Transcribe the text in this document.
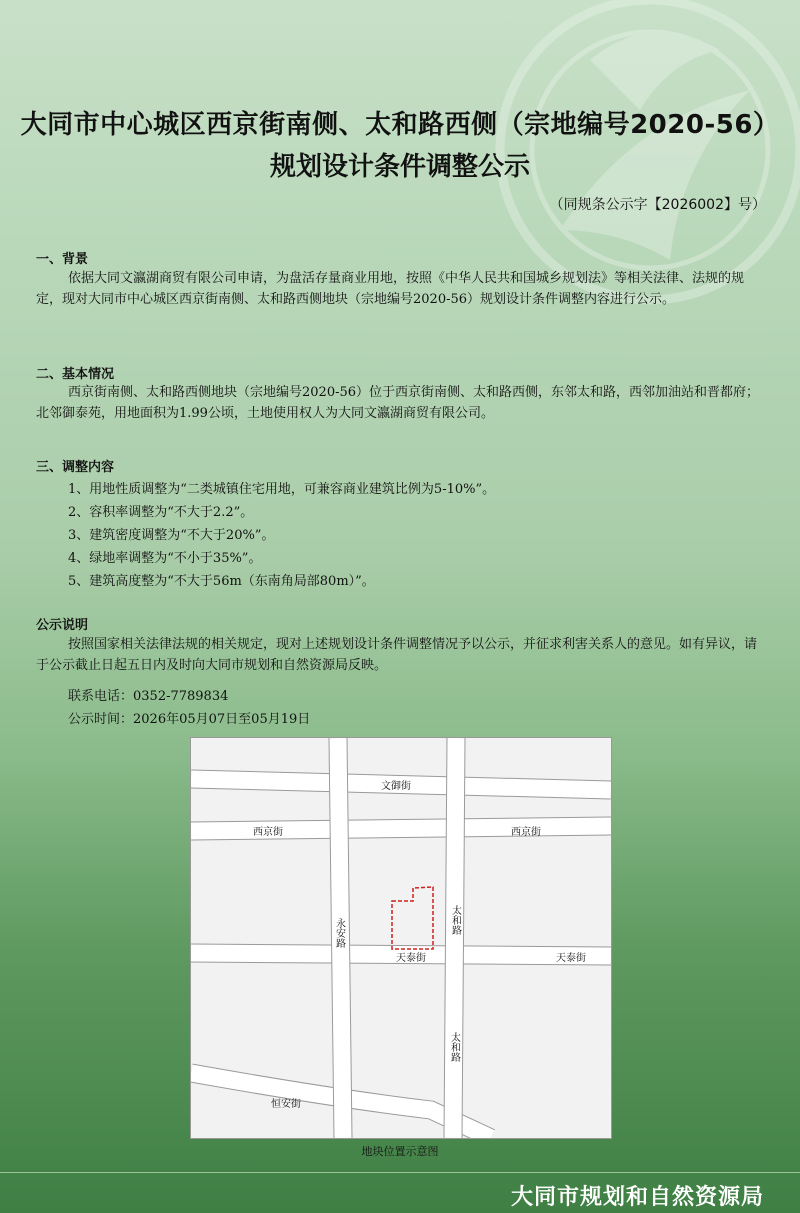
大同市中心城区西京街南侧、太和路西侧（宗地编号2020-56）
规划设计条件调整公示
（同规条公示字【2026002】号）
一、背景
依据大同文瀛湖商贸有限公司申请，为盘活存量商业用地，按照《中华人民共和国城乡规划法》等相关法律、法规的规定，现对大同市中心城区西京街南侧、太和路西侧地块（宗地编号2020-56）规划设计条件调整内容进行公示。
二、基本情况
西京街南侧、太和路西侧地块（宗地编号2020-56）位于西京街南侧、太和路西侧，东邻太和路，西邻加油站和晋都府；北邻御泰苑，用地面积为1.99公顷，土地使用权人为大同文瀛湖商贸有限公司。
三、调整内容
1、用地性质调整为“二类城镇住宅用地，可兼容商业建筑比例为5-10%”。
2、容积率调整为“不大于2.2”。
3、建筑密度调整为“不大于20%”。
4、绿地率调整为“不小于35%”。
5、建筑高度整为“不大于56m（东南角局部80m）”。
公示说明
按照国家相关法律法规的相关规定，现对上述规划设计条件调整情况予以公示，并征求利害关系人的意见。如有异议，请于公示截止日起五日内及时向大同市规划和自然资源局反映。
联系电话：0352-7789834
公示时间：2026年05月07日至05月19日
文御街
西京街	西京街
天泰街	天泰街
恒安街
永安路	太和路
太和路
地块位置示意图
大同市规划和自然资源局
